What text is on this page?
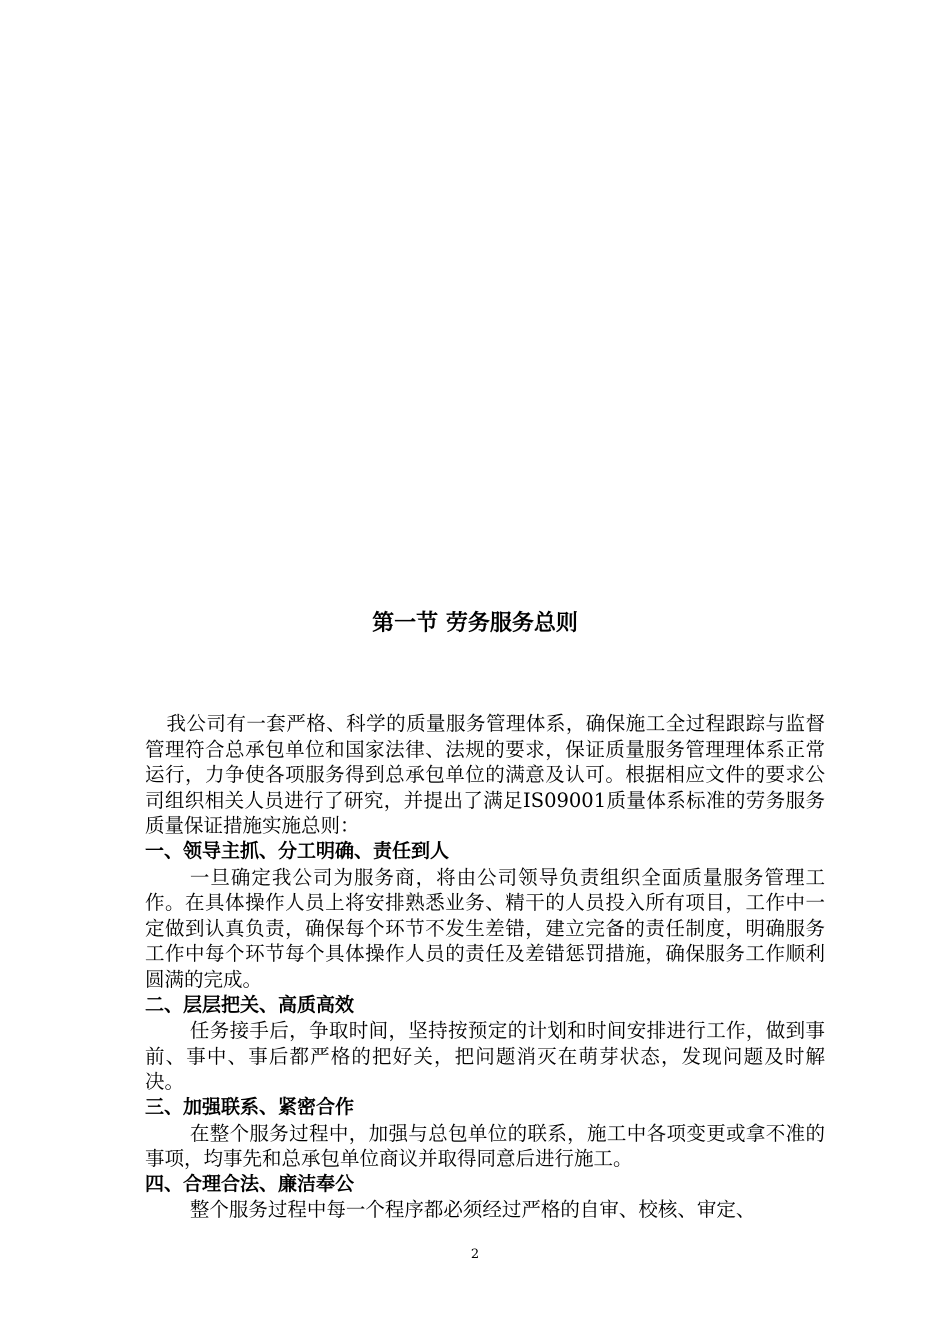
第一节 劳务服务总则

我公司有一套严格、科学的质量服务管理体系，确保施工全过程跟踪与监督管理符合总承包单位和国家法律、法规的要求，保证质量服务管理理体系正常运行，力争使各项服务得到总承包单位的满意及认可。根据相应文件的要求公司组织相关人员进行了研究，并提出了满足IS09001质量体系标准的劳务服务质量保证措施实施总则：

一、领导主抓、分工明确、责任到人

一旦确定我公司为服务商，将由公司领导负责组织全面质量服务管理工作。在具体操作人员上将安排熟悉业务、精干的人员投入所有项目，工作中一定做到认真负责，确保每个环节不发生差错，建立完备的责任制度，明确服务工作中每个环节每个具体操作人员的责任及差错惩罚措施，确保服务工作顺利圆满的完成。

二、层层把关、高质高效

任务接手后，争取时间，坚持按预定的计划和时间安排进行工作，做到事前、事中、事后都严格的把好关，把问题消灭在萌芽状态，发现问题及时解决。

三、加强联系、紧密合作

在整个服务过程中，加强与总包单位的联系，施工中各项变更或拿不准的事项，均事先和总承包单位商议并取得同意后进行施工。

四、合理合法、廉洁奉公

整个服务过程中每一个程序都必须经过严格的自审、校核、审定、

2
